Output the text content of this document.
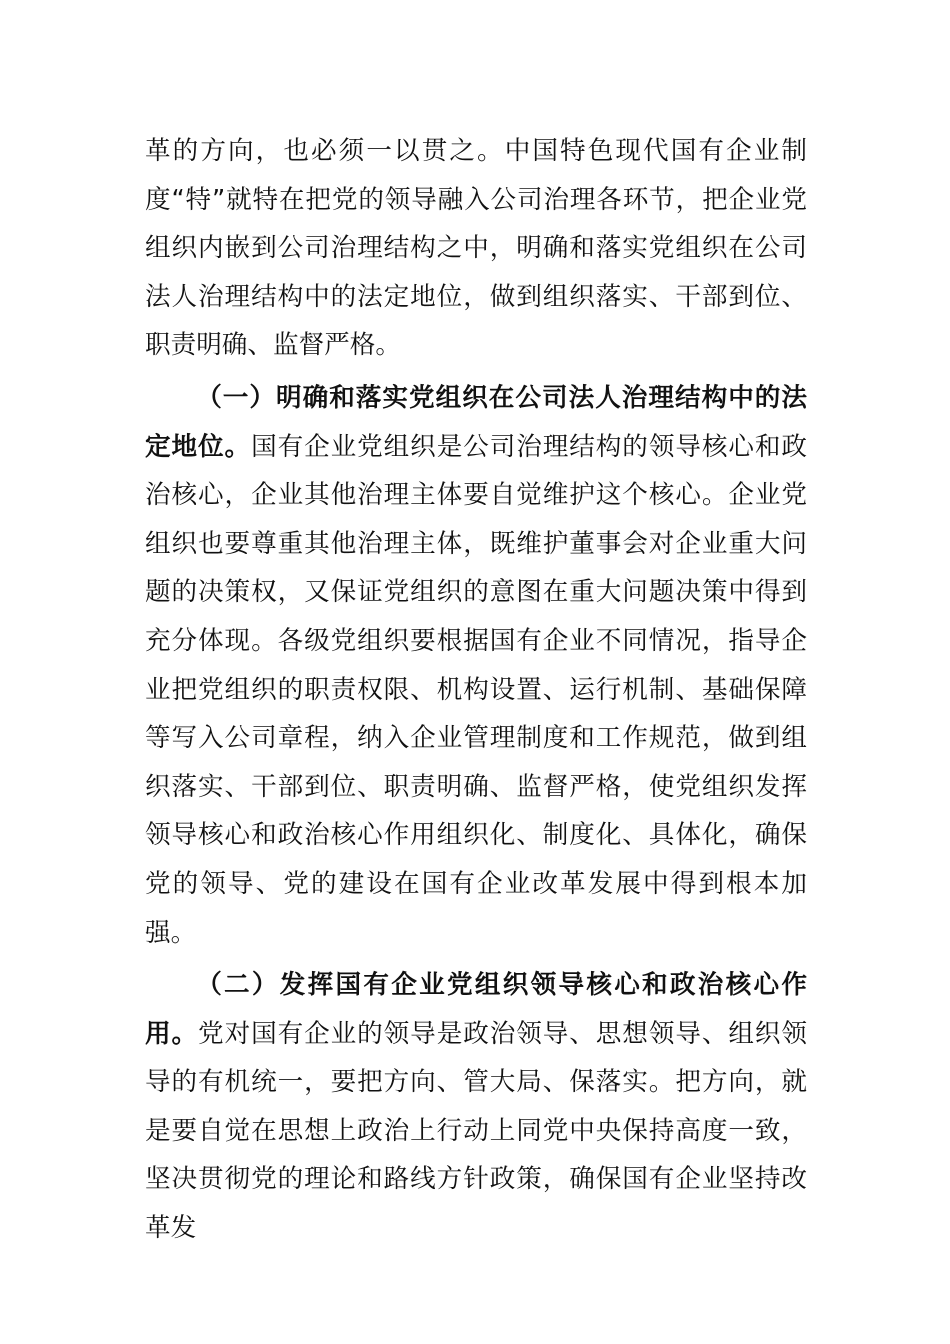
革的方向，也必须一以贯之。中国特色现代国有企业制度“特”就特在把党的领导融入公司治理各环节，把企业党组织内嵌到公司治理结构之中，明确和落实党组织在公司法人治理结构中的法定地位，做到组织落实、干部到位、职责明确、监督严格。

（一）明确和落实党组织在公司法人治理结构中的法定地位。国有企业党组织是公司治理结构的领导核心和政治核心，企业其他治理主体要自觉维护这个核心。企业党组织也要尊重其他治理主体，既维护董事会对企业重大问题的决策权，又保证党组织的意图在重大问题决策中得到充分体现。各级党组织要根据国有企业不同情况，指导企业把党组织的职责权限、机构设置、运行机制、基础保障等写入公司章程，纳入企业管理制度和工作规范，做到组织落实、干部到位、职责明确、监督严格，使党组织发挥领导核心和政治核心作用组织化、制度化、具体化，确保党的领导、党的建设在国有企业改革发展中得到根本加强。

（二）发挥国有企业党组织领导核心和政治核心作用。党对国有企业的领导是政治领导、思想领导、组织领导的有机统一，要把方向、管大局、保落实。把方向，就是要自觉在思想上政治上行动上同党中央保持高度一致，坚决贯彻党的理论和路线方针政策，确保国有企业坚持改革发
